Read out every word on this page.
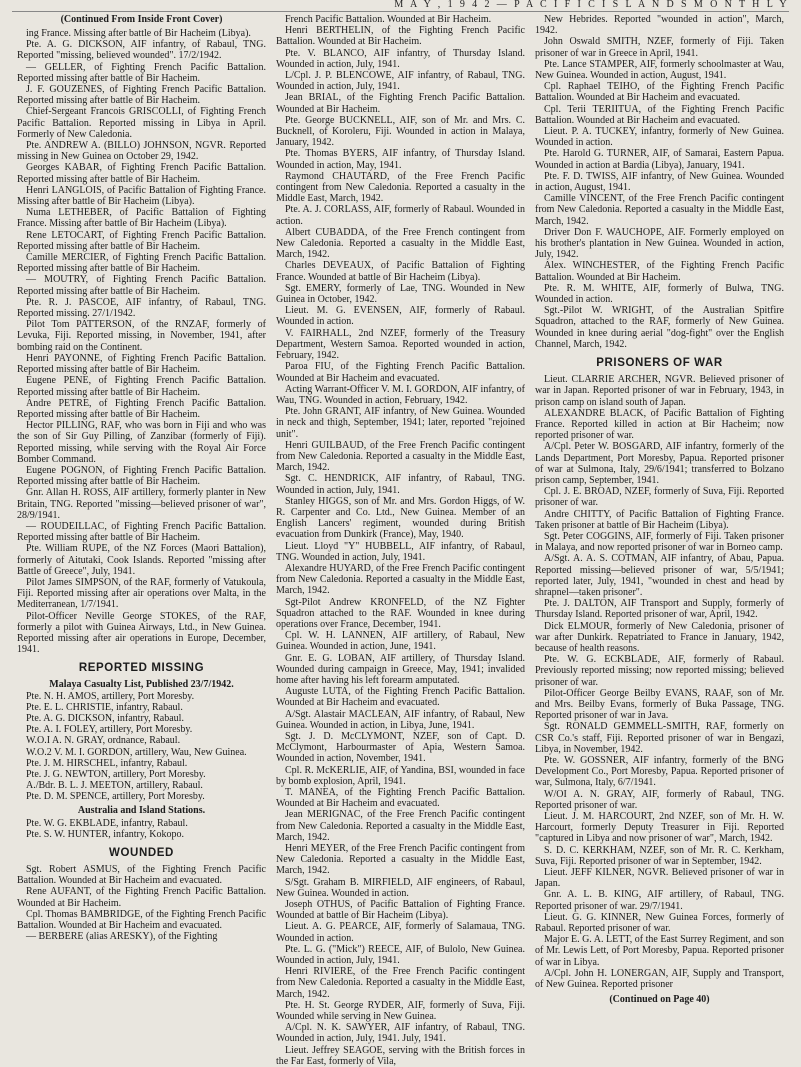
M A Y , 1 9 4 2 — P A C I F I C I S L A N D S M O N T H L Y
(Continued From Inside Front Cover)

ing France. Missing after battle of Bir Hacheim (Libya).

Pte. A. G. DICKSON, AIF infantry, of Rabaul, TNG. Reported "missing, believed wounded". 17/2/1942.

— GELLER, of Fighting French Pacific Battalion. Reported missing after battle of Bir Hacheim.

J. F. GOUZENES, of Fighting French Pacific Battalion. Reported missing after battle of Bir Hacheim.

Chief-Sergeant Francois GRISCOLLI, of Fighting French Pacific Battalion. Reported missing in Libya in April. Formerly of New Caledonia.

Pte. ANDREW A. (BILLO) JOHNSON, NGVR. Reported missing in New Guinea on October 29, 1942.

Georges KABAR, of Fighting French Pacific Battalion. Reported missing after battle of Bir Hacheim.

Henri LANGLOIS, of Pacific Battalion of Fighting France. Missing after battle of Bir Hacheim (Libya).

Numa LETHEBER, of Pacific Battalion of Fighting France. Missing after battle of Bir Hacheim (Libya).

Rene LETOCART, of Fighting French Pacific Battalion. Reported missing after battle of Bir Hacheim.

Camille MERCIER, of Fighting French Pacific Battalion. Reported missing after battle of Bir Hacheim.

— MOUTRY, of Fighting French Pacific Battalion. Reported missing after battle of Bir Hacheim.

Pte. R. J. PASCOE, AIF infantry, of Rabaul, TNG. Reported missing. 27/1/1942.

Pilot Tom PATTERSON, of the RNZAF, formerly of Levuka, Fiji. Reported missing, in November, 1941, after bombing raid on the Continent.

Henri PAYONNE, of Fighting French Pacific Battalion. Reported missing after battle of Bir Hacheim.

Eugene PENE, of Fighting French Pacific Battalion. Reported missing after battle of Bir Hacheim.

Andre PETRE, of Fighting French Pacific Battalion. Reported missing after battle of Bir Hacheim.

Hector PILLING, RAF, who was born in Fiji and who was the son of Sir Guy Pilling, of Zanzibar (formerly of Fiji). Reported missing, while serving with the Royal Air Force Bomber Command.

Eugene POGNON, of Fighting French Pacific Battalion. Reported missing after battle of Bir Hacheim.

Gnr. Allan H. ROSS, AIF artillery, formerly planter in New Britain, TNG. Reported "missing—believed prisoner of war", 28/9/1941.

— ROUDEILLAC, of Fighting French Pacific Battalion. Reported missing after battle of Bir Hacheim.

Pte. William RUPE, of the NZ Forces (Maori Battalion), formerly of Aitutaki, Cook Islands. Reported "missing after Battle of Greece", July, 1941.

Pilot James SIMPSON, of the RAF, formerly of Vatukoula, Fiji. Reported missing after air operations over Malta, in the Mediterranean, 1/7/1941.

Pilot-Officer Neville George STOKES, of the RAF, formerly a pilot with Guinea Airways, Ltd., in New Guinea. Reported missing after air operations in Europe, December, 1941.

REPORTED MISSING

Malaya Casualty List, Published 23/7/1942.

Pte. N. H. AMOS, artillery, Port Moresby.

Pte. E. L. CHRISTIE, infantry, Rabaul.

Pte. A. G. DICKSON, infantry, Rabaul.

Pte. A. I. FOLEY, artillery, Port Moresby.

W.O.I A. N. GRAY, ordnance, Rabaul.

W.O.2 V. M. I. GORDON, artillery, Wau, New Guinea.

Pte. J. M. HIRSCHEL, infantry, Rabaul.

Pte. J. G. NEWTON, artillery, Port Moresby.

A./Bdr. B. L. J. MEETON, artillery, Rabaul.

Pte. D. M. SPENCE, artillery, Port Moresby.

Australia and Island Stations.

Pte. W. G. EKBLADE, infantry, Rabaul.

Pte. S. W. HUNTER, infantry, Kokopo.

WOUNDED

Sgt. Robert ASMUS, of the Fighting French Pacific Battalion. Wounded at Bir Hacheim and evacuated.

Rene AUFANT, of the Fighting French Pacific Battalion. Wounded at Bir Hacheim.

Cpl. Thomas BAMBRIDGE, of the Fighting French Pacific Battalion. Wounded at Bir Hacheim and evacuated.

— BERBERE (alias ARESKY), of the Fighting

French Pacific Battalion. Wounded at Bir Hacheim.

Henri BERTHELIN, of the Fighting French Pacific Battalion. Wounded at Bir Hacheim.

Pte. V. BLANCO, AIF infantry, of Thursday Island. Wounded in action, July, 1941.

L/Cpl. J. P. BLENCOWE, AIF infantry, of Rabaul, TNG. Wounded in action, July, 1941.

Jean BRIAL, of the Fighting French Pacific Battalion. Wounded at Bir Hacheim.

Pte. George BUCKNELL, AIF, son of Mr. and Mrs. C. Bucknell, of Koroleru, Fiji. Wounded in action in Malaya, January, 1942.

Pte. Thomas BYERS, AIF infantry, of Thursday Island. Wounded in action, May, 1941.

Raymond CHAUTARD, of the Free French Pacific contingent from New Caledonia. Reported a casualty in the Middle East, March, 1942.

Pte. A. J. CORLASS, AIF, formerly of Rabaul. Wounded in action.

Albert CUBADDA, of the Free French contingent from New Caledonia. Reported a casualty in the Middle East, March, 1942.

Charles DEVEAUX, of Pacific Battalion of Fighting France. Wounded at battle of Bir Hacheim (Libya).

Sgt. EMERY, formerly of Lae, TNG. Wounded in New Guinea in October, 1942.

Lieut. M. G. EVENSEN, AIF, formerly of Rabaul. Wounded in action.

V. FAIRHALL, 2nd NZEF, formerly of the Treasury Department, Western Samoa. Reported wounded in action, February, 1942.

Paroa FIU, of the Fighting French Pacific Battalion. Wounded at Bir Hacheim and evacuated.

Acting Warrant-Officer V. M. I. GORDON, AIF infantry, of Wau, TNG. Wounded in action, February, 1942.

Pte. John GRANT, AIF infantry, of New Guinea. Wounded in neck and thigh, September, 1941; later, reported "rejoined unit".

Henri GUILBAUD, of the Free French Pacific contingent from New Caledonia. Reported a casualty in the Middle East, March, 1942.

Sgt. C. HENDRICK, AIF infantry, of Rabaul, TNG. Wounded in action, July, 1941.

Stanley HIGGS, son of Mr. and Mrs. Gordon Higgs, of W. R. Carpenter and Co. Ltd., New Guinea. Member of an English Lancers' regiment, wounded during British evacuation from Dunkirk (France), May, 1940.

Lieut. Lloyd "Y" HUBBELL, AIF infantry, of Rabaul, TNG. Wounded in action, July, 1941.

Alexandre HUYARD, of the Free French Pacific contingent from New Caledonia. Reported a casualty in the Middle East, March, 1942.

Sgt-Pilot Andrew KRONFELD, of the NZ Fighter Squadron attached to the RAF. Wounded in knee during operations over France, December, 1941.

Cpl. W. H. LANNEN, AIF artillery, of Rabaul, New Guinea. Wounded in action, June, 1941.

Gnr. E. G. LOBAN, AIF artillery, of Thursday Island. Wounded during campaign in Greece, May, 1941; invalided home after having his left forearm amputated.

Auguste LUTA, of the Fighting French Pacific Battalion. Wounded at Bir Hacheim and evacuated.

A/Sgt. Alastair MACLEAN, AIF infantry, of Rabaul, New Guinea. Wounded in action, in Libya, June, 1941.

Sgt. J. D. McCLYMONT, NZEF, son of Capt. D. McClymont, Harbourmaster of Apia, Western Samoa. Wounded in action, November, 1941.

Cpl. R. McKERLIE, AIF, of Yandina, BSI, wounded in face by bomb explosion, April, 1941.

T. MANEA, of the Fighting French Pacific Battalion. Wounded at Bir Hacheim and evacuated.

Jean MERIGNAC, of the Free French Pacific contingent from New Caledonia. Reported a casualty in the Middle East, March, 1942.

Henri MEYER, of the Free French Pacific contingent from New Caledonia. Reported a casualty in the Middle East, March, 1942.

S/Sgt. Graham B. MIRFIELD, AIF engineers, of Rabaul, New Guinea. Wounded in action.

Joseph OTHUS, of Pacific Battalion of Fighting France. Wounded at battle of Bir Hacheim (Libya).

Lieut. A. G. PEARCE, AIF, formerly of Salamaua, TNG. Wounded in action.

Pte. L. G. ("Mick") REECE, AIF, of Bulolo, New Guinea. Wounded in action, July, 1941.

Henri RIVIERE, of the Free French Pacific contingent from New Caledonia. Reported a casualty in the Middle East, March, 1942.

Pte. H. St. George RYDER, AIF, formerly of Suva, Fiji. Wounded while serving in New Guinea.

A/Cpl. N. K. SAWYER, AIF infantry, of Rabaul, TNG. Wounded in action, July, 1941. July, 1941.

Lieut. Jeffrey SEAGOE, serving with the British forces in the Far East, formerly of Vila,

New Hebrides. Reported "wounded in action", March, 1942.

John Oswald SMITH, NZEF, formerly of Fiji. Taken prisoner of war in Greece in April, 1941.

Pte. Lance STAMPER, AIF, formerly schoolmaster at Wau, New Guinea. Wounded in action, August, 1941.

Cpl. Raphael TEIHO, of the Fighting French Pacific Battalion. Wounded at Bir Hacheim and evacuated.

Cpl. Terii TERIITUA, of the Fighting French Pacific Battalion. Wounded at Bir Hacheim and evacuated.

Lieut. P. A. TUCKEY, infantry, formerly of New Guinea. Wounded in action.

Pte. Harold G. TURNER, AIF, of Samarai, Eastern Papua. Wounded in action at Bardia (Libya), January, 1941.

Pte. F. D. TWISS, AIF infantry, of New Guinea. Wounded in action, August, 1941.

Camille VINCENT, of the Free French Pacific contingent from New Caledonia. Reported a casualty in the Middle East, March, 1942.

Driver Don F. WAUCHOPE, AIF. Formerly employed on his brother's plantation in New Guinea. Wounded in action, July, 1942.

Alex. WINCHESTER, of the Fighting French Pacific Battalion. Wounded at Bir Hacheim.

Pte. R. M. WHITE, AIF, formerly of Bulwa, TNG. Wounded in action.

Sgt.-Pilot W. WRIGHT, of the Australian Spitfire Squadron, attached to the RAF, formerly of New Guinea. Wounded in knee during aerial "dog-fight" over the English Channel, March, 1942.

PRISONERS OF WAR

Lieut. CLARRIE ARCHER, NGVR. Believed prisoner of war in Japan. Reported prisoner of war in February, 1943, in prison camp on island south of Japan.

ALEXANDRE BLACK, of Pacific Battalion of Fighting France. Reported killed in action at Bir Hacheim; now reported prisoner of war.

A/Cpl. Peter W. BOSGARD, AIF infantry, formerly of the Lands Department, Port Moresby, Papua. Reported prisoner of war at Sulmona, Italy, 29/6/1941; transferred to Bolzano prison camp, September, 1941.

Cpl. J. E. BROAD, NZEF, formerly of Suva, Fiji. Reported prisoner of war.

Andre CHITTY, of Pacific Battalion of Fighting France. Taken prisoner at battle of Bir Hacheim (Libya).

Sgt. Peter COGGINS, AIF, formerly of Fiji. Taken prisoner in Malaya, and now reported prisoner of war in Borneo camp.

A/Sgt. A. A. S. COTMAN, AIF infantry, of Abau, Papua. Reported missing—believed prisoner of war, 5/5/1941; reported later, July, 1941, "wounded in chest and head by shrapnel—taken prisoner".

Pte. J. DALTON, AIF Transport and Supply, formerly of Thursday Island. Reported prisoner of war, April, 1942.

Dick ELMOUR, formerly of New Caledonia, prisoner of war after Dunkirk. Repatriated to France in January, 1942, because of health reasons.

Pte. W. G. ECKBLADE, AIF, formerly of Rabaul. Previously reported missing; now reported missing; believed prisoner of war.

Pilot-Officer George Beilby EVANS, RAAF, son of Mr. and Mrs. Beilby Evans, formerly of Buka Passage, TNG. Reported prisoner of war in Java.

Sgt. RONALD GEMMELL-SMITH, RAF, formerly on CSR Co.'s staff, Fiji. Reported prisoner of war in Bengazi, Libya, in November, 1942.

Pte. W. GOSSNER, AIF infantry, formerly of the BNG Development Co., Port Moresby, Papua. Reported prisoner of war, Sulmona, Italy, 6/7/1941.

W/OI A. N. GRAY, AIF, formerly of Rabaul, TNG. Reported prisoner of war.

Lieut. J. M. HARCOURT, 2nd NZEF, son of Mr. H. W. Harcourt, formerly Deputy Treasurer in Fiji. Reported "captured in Libya and now prisoner of war", March, 1942.

S. D. C. KERKHAM, NZEF, son of Mr. R. C. Kerkham, Suva, Fiji. Reported prisoner of war in September, 1942.

Lieut. JEFF KILNER, NGVR. Believed prisoner of war in Japan.

Gnr. A. L. B. KING, AIF artillery, of Rabaul, TNG. Reported prisoner of war. 29/7/1941.

Lieut. G. G. KINNER, New Guinea Forces, formerly of Rabaul. Reported prisoner of war.

Major E. G. A. LETT, of the East Surrey Regiment, and son of Mr. Lewis Lett, of Port Moresby, Papua. Reported prisoner of war in Libya.

A/Cpl. John H. LONERGAN, AIF, Supply and Transport, of New Guinea. Reported prisoner

(Continued on Page 40)
